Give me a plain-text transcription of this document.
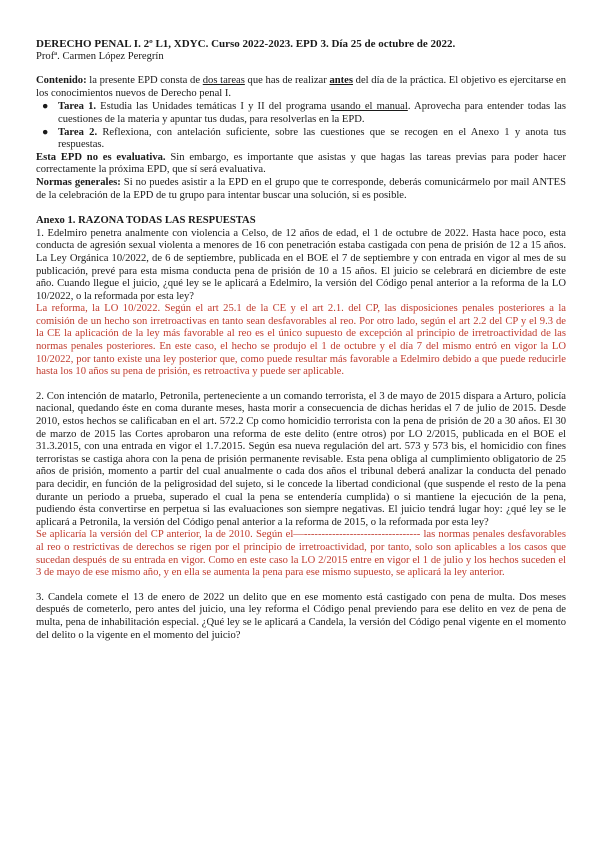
DERECHO PENAL I. 2º L1, XDYC. Curso 2022-2023. EPD 3. Día 25 de octubre de 2022.

Profª. Carmen López Peregrín

Contenido: la presente EPD consta de dos tareas que has de realizar antes del día de la práctica. El objetivo es ejercitarse en los conocimientos nuevos de Derecho penal I.

● Tarea 1. Estudia las Unidades temáticas I y II del programa usando el manual. Aprovecha para entender todas las cuestiones de la materia y apuntar tus dudas, para resolverlas en la EPD.
● Tarea 2. Reflexiona, con antelación suficiente, sobre las cuestiones que se recogen en el Anexo 1 y anota tus respuestas.

Esta EPD no es evaluativa. Sin embargo, es importante que asistas y que hagas las tareas previas para poder hacer correctamente la próxima EPD, que sí será evaluativa.

Normas generales: Si no puedes asistir a la EPD en el grupo que te corresponde, deberás comunicármelo por mail ANTES de la celebración de la EPD de tu grupo para intentar buscar una solución, si es posible.

Anexo 1. RAZONA TODAS LAS RESPUESTAS

1. Edelmiro penetra analmente con violencia a Celso, de 12 años de edad, el 1 de octubre de 2022. Hasta hace poco, esta conducta de agresión sexual violenta a menores de 16 con penetración estaba castigada con pena de prisión de 12 a 15 años. La Ley Orgánica 10/2022, de 6 de septiembre, publicada en el BOE el 7 de septiembre y con entrada en vigor al mes de su publicación, prevé para esta misma conducta pena de prisión de 10 a 15 años. El juicio se celebrará en diciembre de este año. Cuando llegue el juicio, ¿qué ley se le aplicará a Edelmiro, la versión del Código penal anterior a la reforma de la LO 10/2022, o la reformada por esta ley?

La reforma, la LO 10/2022. Según el art 25.1 de la CE y el art 2.1. del CP, las disposiciones penales posteriores a la comisión de un hecho son irretroactivas en tanto sean desfavorables al reo. Por otro lado, según el art 2.2 del CP y el 9.3 de la CE la aplicación de la ley más favorable al reo es el único supuesto de excepción al principio de irretroactividad de las normas penales posteriores. En este caso, el hecho se produjo el 1 de octubre y el día 7 del mismo entró en vigor la LO 10/2022, por tanto existe una ley posterior que, como puede resultar más favorable a Edelmiro debido a que puede reducirle hasta los 10 años su pena de prisión, es retroactiva y puede ser aplicable.

2. Con intención de matarlo, Petronila, perteneciente a un comando terrorista, el 3 de mayo de 2015 dispara a Arturo, policía nacional, quedando éste en coma durante meses, hasta morir a consecuencia de dichas heridas el 7 de julio de 2015. Desde 2010, estos hechos se calificaban en el art. 572.2 Cp como homicidio terrorista con la pena de prisión de 20 a 30 años. El 30 de marzo de 2015 las Cortes aprobaron una reforma de este delito (entre otros) por LO 2/2015, publicada en el BOE el 31.3.2015, con una entrada en vigor el 1.7.2015. Según esa nueva regulación del art. 573 y 573 bis, el homicidio con fines terroristas se castiga ahora con la pena de prisión permanente revisable. Esta pena obliga al cumplimiento obligatorio de 25 años de prisión, momento a partir del cual anualmente o cada dos años el tribunal deberá analizar la conducta del penado para decidir, en función de la peligrosidad del sujeto, si le concede la libertad condicional (que suspende el resto de la pena durante un periodo a prueba, superado el cual la pena se entendería cumplida) o si mantiene la ejecución de la pena, pudiendo ésta convertirse en perpetua si las evaluaciones son siempre negativas. El juicio tendrá lugar hoy: ¿qué ley se le aplicará a Petronila, la versión del Código penal anterior a la reforma de 2015, o la reformada por esta ley?

Se aplicaría la versión del CP anterior, la de 2010. Según el—--------------------------------- las normas penales desfavorables al reo o restrictivas de derechos se rigen por el principio de irretroactividad, por tanto, solo son aplicables a los casos que sucedan después de su entrada en vigor. Como en este caso la LO 2/2015 entre en vigor el 1 de julio y los hechos suceden el 3 de mayo de ese mismo año, y en ella se aumenta la pena para ese mismo supuesto, se aplicará la ley anterior.

3. Candela comete el 13 de enero de 2022 un delito que en ese momento está castigado con pena de multa. Dos meses después de cometerlo, pero antes del juicio, una ley reforma el Código penal previendo para ese delito en vez de pena de multa, pena de inhabilitación especial. ¿Qué ley se le aplicará a Candela, la versión del Código penal vigente en el momento del delito o la vigente en el momento del juicio?
